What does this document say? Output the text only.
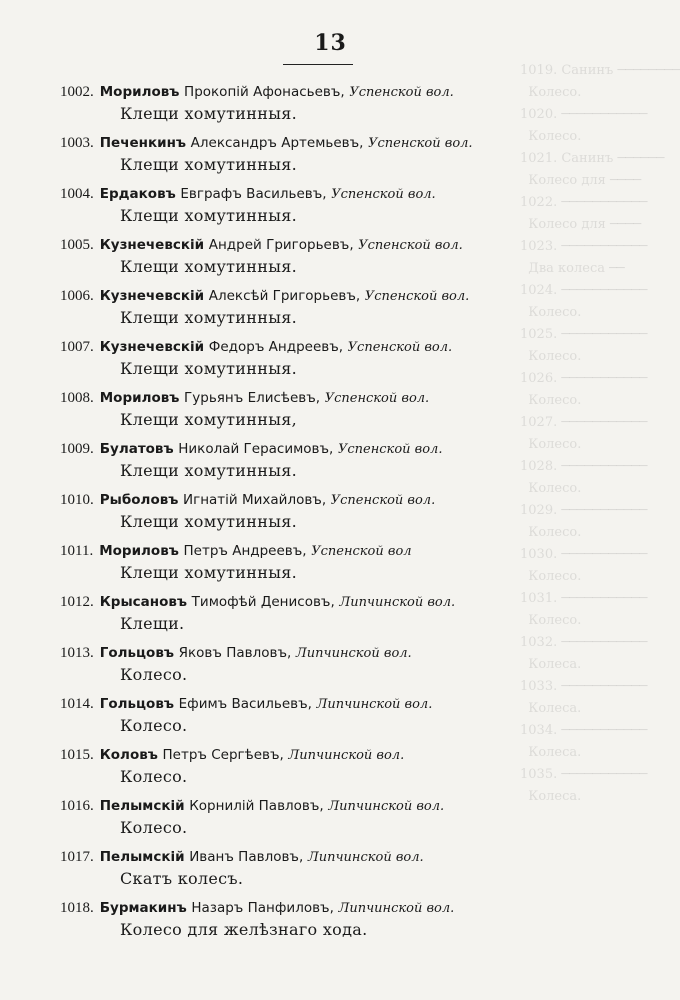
1019. Санинъ ────────
Колесо.
1020. ───────────
Колесо.
1021. Санинъ ──────
Колесо для ────
1022. ───────────
Колесо для ────
1023. ───────────
Два колеса ──
1024. ───────────
Колесо.
1025. ───────────
Колесо.
1026. ───────────
Колесо.
1027. ───────────
Колесо.
1028. ───────────
Колесо.
1029. ───────────
Колесо.
1030. ───────────
Колесо.
1031. ───────────
Колесо.
1032. ───────────
Колеса.
1033. ───────────
Колеса.
1034. ───────────
Колеса.
1035. ───────────
Колеса.
13
1002. Мориловъ Прокопій Афонасьевъ, Успенской вол.
Клещи хомутинныя.
1003. Печенкинъ Александръ Артемьевъ, Успенской вол.
Клещи хомутинныя.
1004. Ердаковъ Евграфъ Васильевъ, Успенской вол.
Клещи хомутинныя.
1005. Кузнечевскій Андрей Григорьевъ, Успенской вол.
Клещи хомутинныя.
1006. Кузнечевскій Алексѣй Григорьевъ, Успенской вол.
Клещи хомутинныя.
1007. Кузнечевскій Федоръ Андреевъ, Успенской вол.
Клещи хомутинныя.
1008. Мориловъ Гурьянъ Елисѣевъ, Успенской вол.
Клещи хомутинныя,
1009. Булатовъ Николай Герасимовъ, Успенской вол.
Клещи хомутинныя.
1010. Рыболовъ Игнатій Михайловъ, Успенской вол.
Клещи хомутинныя.
1011. Мориловъ Петръ Андреевъ, Успенской вол
Клещи хомутинныя.
1012. Крысановъ Тимофѣй Денисовъ, Липчинской вол.
Клещи.
1013. Гольцовъ Яковъ Павловъ, Липчинской вол.
Колесо.
1014. Гольцовъ Ефимъ Васильевъ, Липчинской вол.
Колесо.
1015. Коловъ Петръ Сергѣевъ, Липчинской вол.
Колесо.
1016. Пелымскій Корнилій Павловъ, Липчинской вол.
Колесо.
1017. Пелымскій Иванъ Павловъ, Липчинской вол.
Скатъ колесъ.
1018. Бурмакинъ Назаръ Панфиловъ, Липчинской вол.
Колесо для желѣзнаго хода.
